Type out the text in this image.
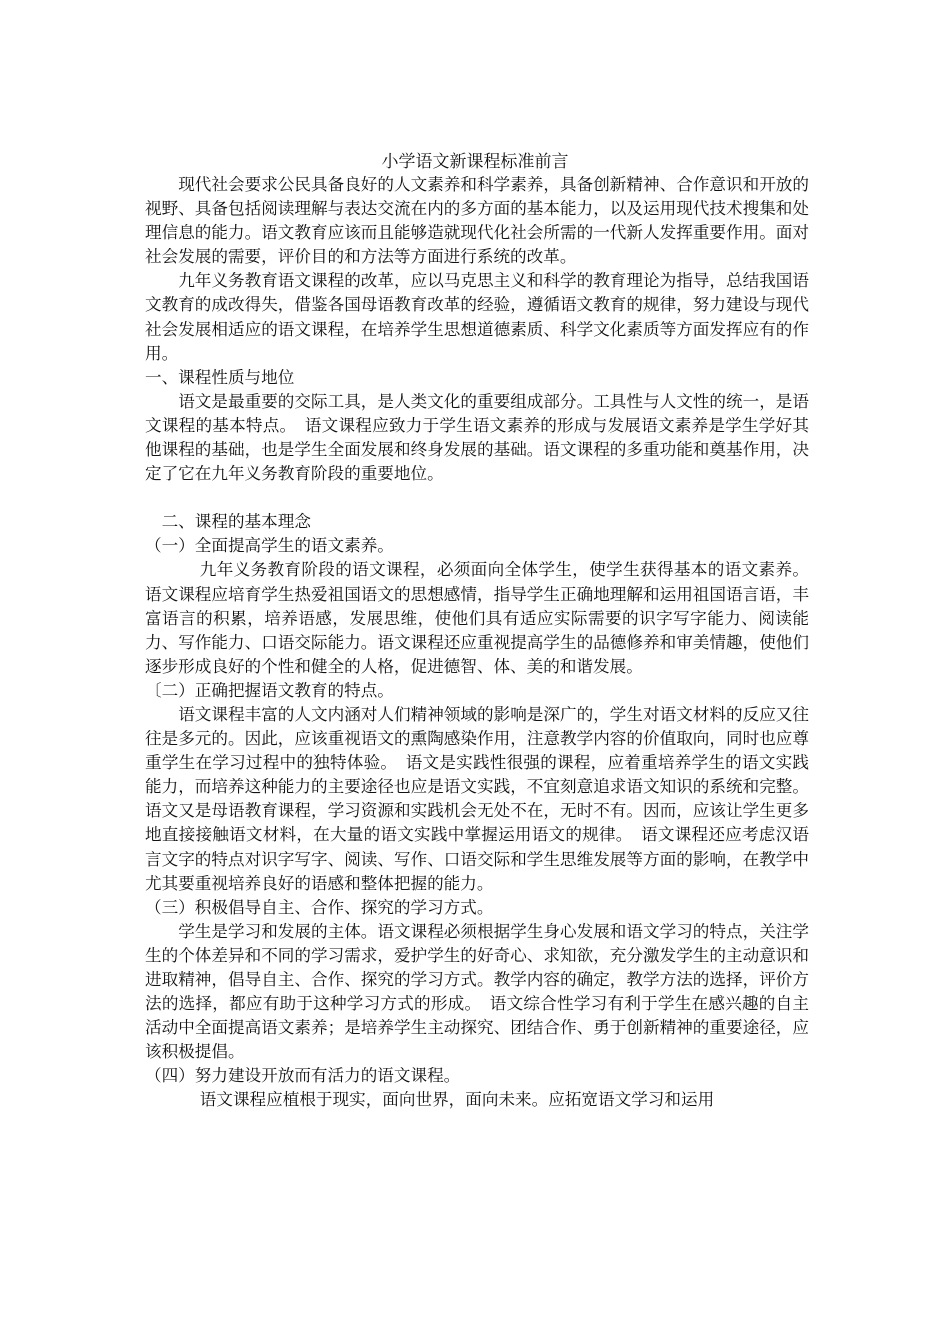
小学语文新课程标准前言

现代社会要求公民具备良好的人文素养和科学素养，具备创新精神、合作意识和开放的视野、具备包括阅读理解与表达交流在内的多方面的基本能力，以及运用现代技术搜集和处理信息的能力。语文教育应该而且能够造就现代化社会所需的一代新人发挥重要作用。面对社会发展的需要，评价目的和方法等方面进行系统的改革。

九年义务教育语文课程的改革，应以马克思主义和科学的教育理论为指导，总结我国语文教育的成改得失，借鉴各国母语教育改革的经验，遵循语文教育的规律，努力建设与现代社会发展相适应的语文课程，在培养学生思想道德素质、科学文化素质等方面发挥应有的作用。

一、课程性质与地位

语文是最重要的交际工具，是人类文化的重要组成部分。工具性与人文性的统一，是语文课程的基本特点。　语文课程应致力于学生语文素养的形成与发展语文素养是学生学好其他课程的基础，也是学生全面发展和终身发展的基础。语文课程的多重功能和奠基作用，决定了它在九年义务教育阶段的重要地位。

二、课程的基本理念

（一）全面提高学生的语文素养。

九年义务教育阶段的语文课程，必须面向全体学生，使学生获得基本的语文素养。语文课程应培育学生热爱祖国语文的思想感情，指导学生正确地理解和运用祖国语言语，丰富语言的积累，培养语感，发展思维，使他们具有适应实际需要的识字写字能力、阅读能力、写作能力、口语交际能力。语文课程还应重视提高学生的品德修养和审美情趣，使他们逐步形成良好的个性和健全的人格，促进德智、体、美的和谐发展。

〔二）正确把握语文教育的特点。

语文课程丰富的人文内涵对人们精神领域的影响是深广的，学生对语文材料的反应又往往是多元的。因此，应该重视语文的熏陶感染作用，注意教学内容的价值取向，同时也应尊重学生在学习过程中的独特体验。　语文是实践性很强的课程，应着重培养学生的语文实践能力，而培养这种能力的主要途径也应是语文实践，不宜刻意追求语文知识的系统和完整。语文又是母语教育课程，学习资源和实践机会无处不在，无时不有。因而，应该让学生更多地直接接触语文材料，在大量的语文实践中掌握运用语文的规律。　语文课程还应考虑汉语言文字的特点对识字写字、阅读、写作、口语交际和学生思维发展等方面的影响，在教学中尤其要重视培养良好的语感和整体把握的能力。

（三）积极倡导自主、合作、探究的学习方式。

学生是学习和发展的主体。语文课程必须根据学生身心发展和语文学习的特点，关注学生的个体差异和不同的学习需求，爱护学生的好奇心、求知欲，充分激发学生的主动意识和进取精神，倡导自主、合作、探究的学习方式。教学内容的确定，教学方法的选择，评价方法的选择，都应有助于这种学习方式的形成。　语文综合性学习有利于学生在感兴趣的自主活动中全面提高语文素养；是培养学生主动探究、团结合作、勇于创新精神的重要途径，应该积极提倡。

（四）努力建设开放而有活力的语文课程。

语文课程应植根于现实，面向世界，面向未来。应拓宽语文学习和运用
